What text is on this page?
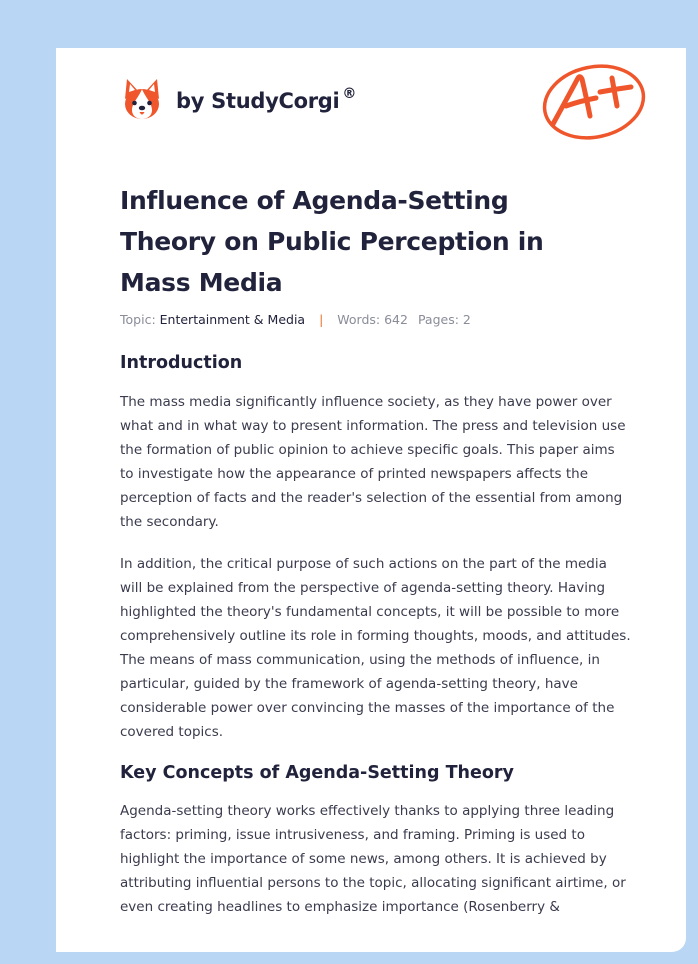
by StudyCorgi ®
Influence of Agenda-Setting Theory on Public Perception in Mass Media
Topic: Entertainment & Media | Words: 642 Pages: 2
Introduction

The mass media significantly influence society, as they have power over what and in what way to present information. The press and television use the formation of public opinion to achieve specific goals. This paper aims to investigate how the appearance of printed newspapers affects the perception of facts and the reader's selection of the essential from among the secondary.

In addition, the critical purpose of such actions on the part of the media will be explained from the perspective of agenda-setting theory. Having highlighted the theory's fundamental concepts, it will be possible to more comprehensively outline its role in forming thoughts, moods, and attitudes. The means of mass communication, using the methods of influence, in particular, guided by the framework of agenda-setting theory, have considerable power over convincing the masses of the importance of the covered topics.

Key Concepts of Agenda-Setting Theory

Agenda-setting theory works effectively thanks to applying three leading factors: priming, issue intrusiveness, and framing. Priming is used to highlight the importance of some news, among others. It is achieved by attributing influential persons to the topic, allocating significant airtime, or even creating headlines to emphasize importance (Rosenberry &
